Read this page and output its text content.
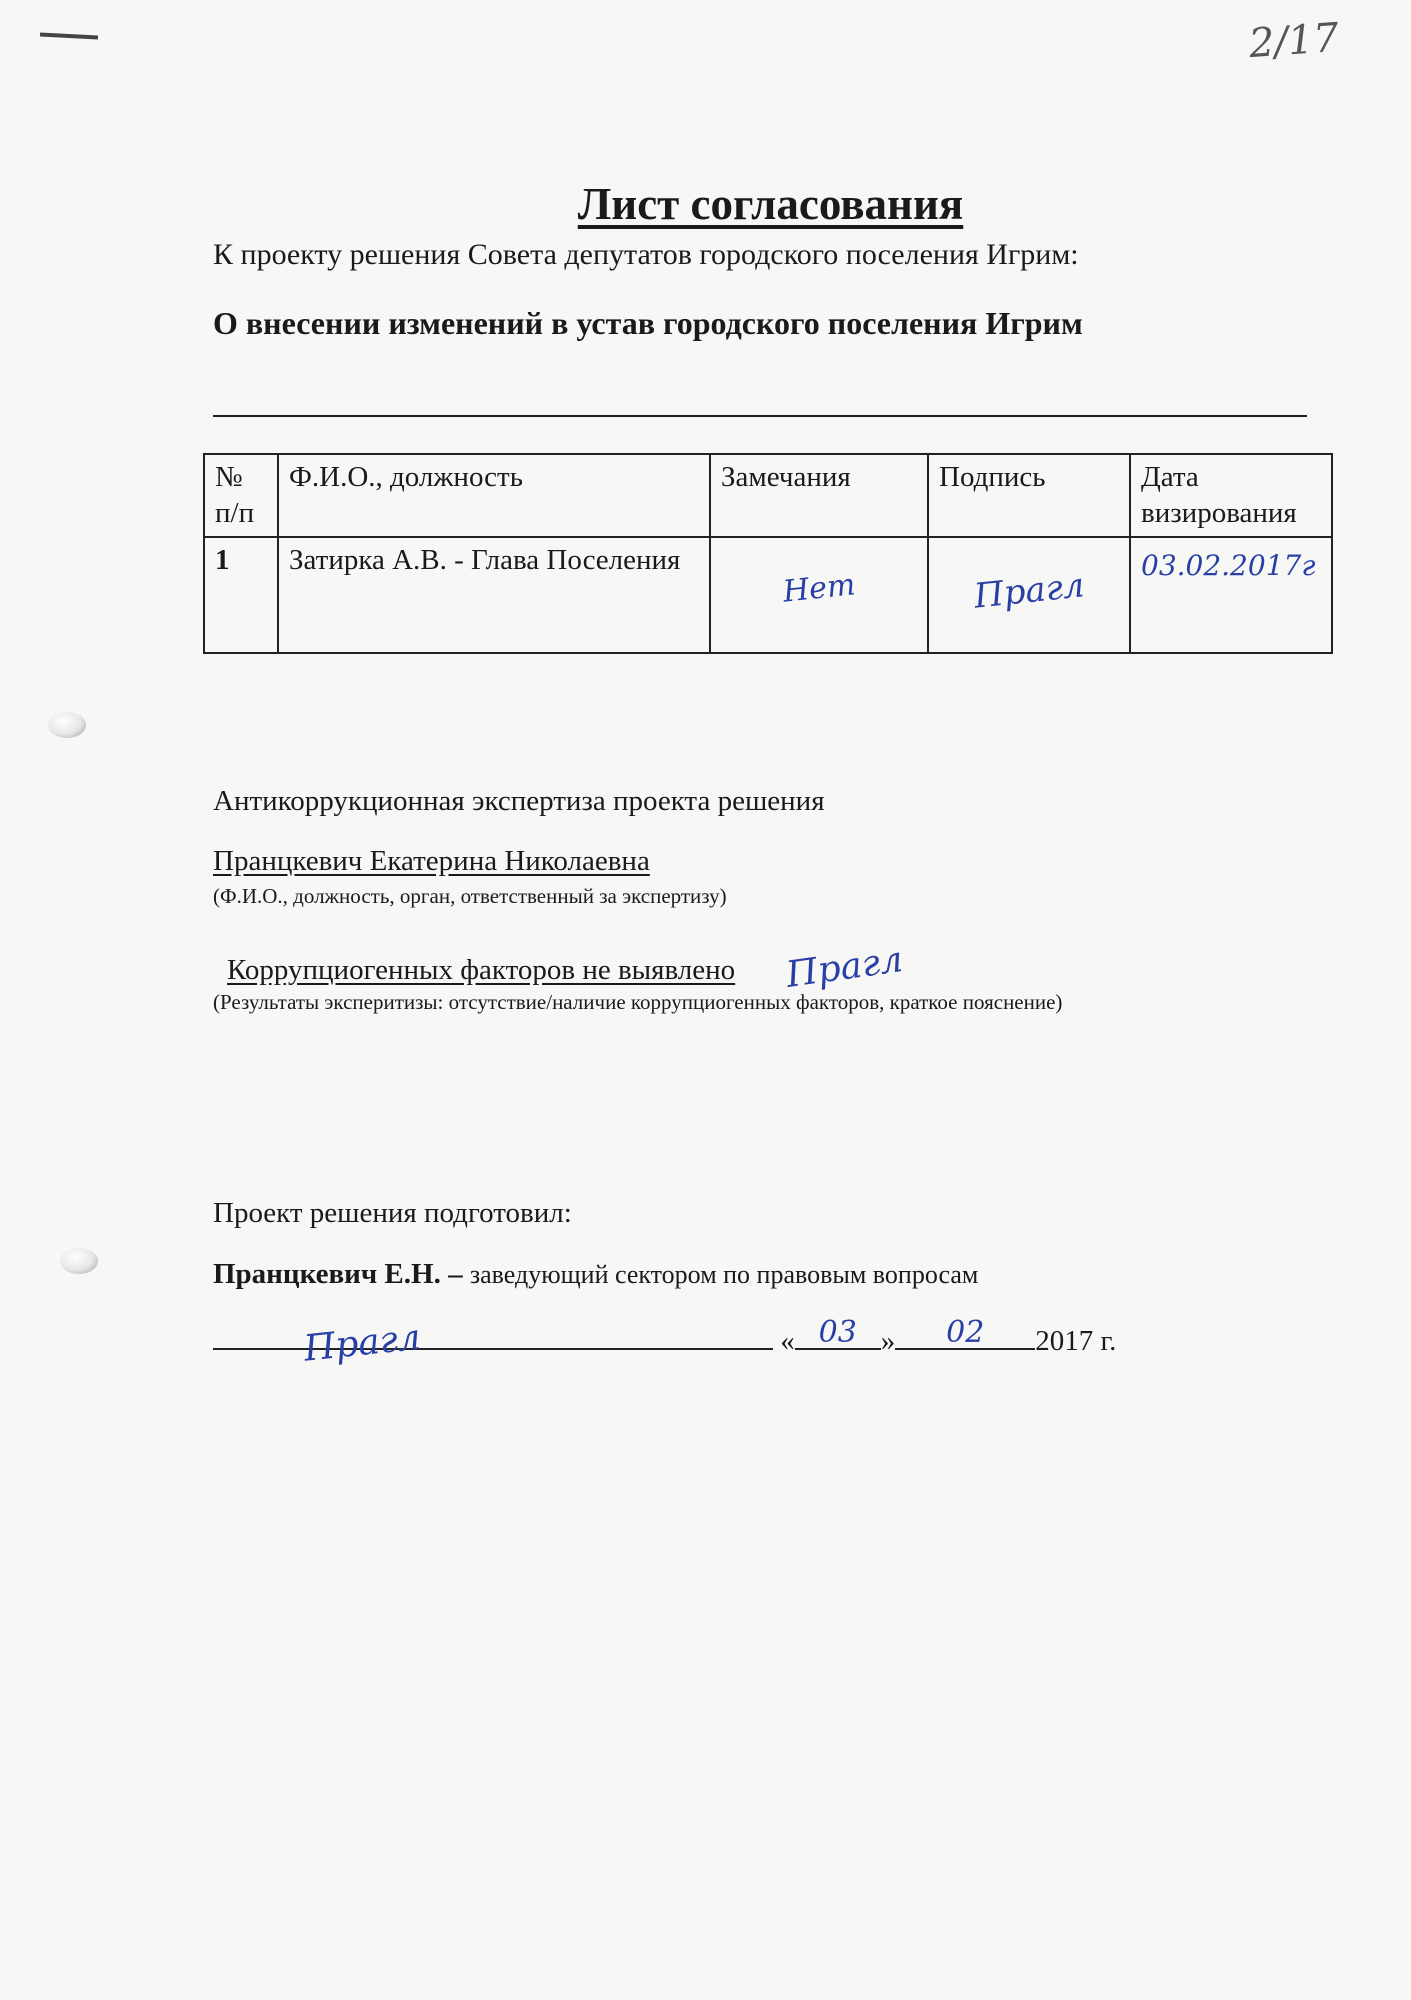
2/17
Лист согласования
К проекту решения Совета депутатов городского поселения Игрим:
О внесении изменений в устав городского поселения Игрим
№ п/п	Ф.И.О., должность	Замечания	Подпись	Дата визирования
1	Затирка А.В. - Глава Поселения	Нет	Прагл	03.02.2017г
Антикоррукционная экспертиза проекта решения
Пранцкевич Екатерина Николаевна
(Ф.И.О., должность, орган, ответственный за экспертизу)
Коррупциогенных факторов не выявлено Прагл
(Результаты эксперитизы: отсутствие/наличие коррупциогенных факторов, краткое пояснение)
Проект решения подготовил:
Пранцкевич Е.Н. – заведующий сектором по правовым вопросам
Прагл	« 03 »	02	2017 г.
